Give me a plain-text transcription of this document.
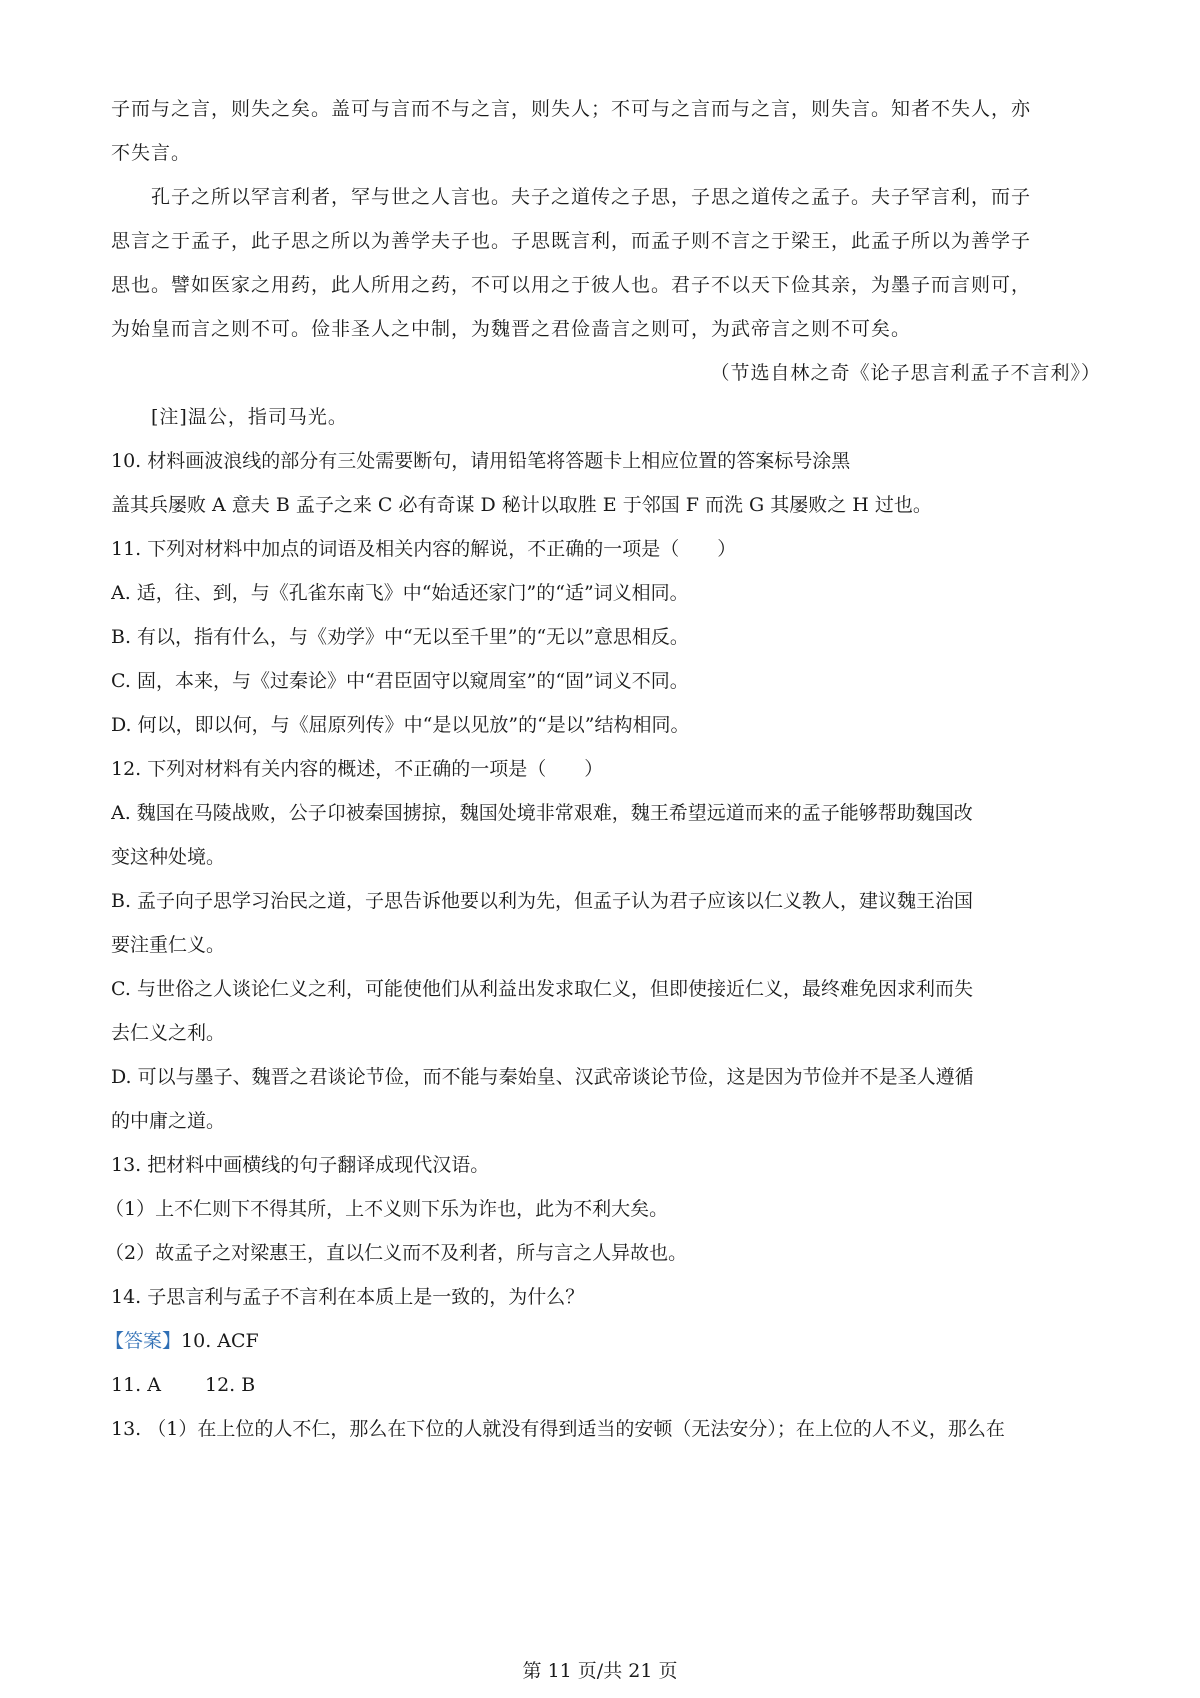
子而与之言，则失之矣。盖可与言而不与之言，则失人；不可与之言而与之言，则失言。知者不失人，亦
不失言。
孔子之所以罕言利者，罕与世之人言也。夫子之道传之子思，子思之道传之孟子。夫子罕言利，而子
思言之于孟子，此子思之所以为善学夫子也。子思既言利，而孟子则不言之于梁王，此孟子所以为善学子
思也。譬如医家之用药，此人所用之药，不可以用之于彼人也。君子不以天下俭其亲，为墨子而言则可，
为始皇而言之则不可。俭非圣人之中制，为魏晋之君俭啬言之则可，为武帝言之则不可矣。
（节选自林之奇《论子思言利孟子不言利》）
[注]温公，指司马光。
10. 材料画波浪线的部分有三处需要断句，请用铅笔将答题卡上相应位置的答案标号涂黑
盖其兵屡败 A 意夫 B 孟子之来 C 必有奇谋 D 秘计以取胜 E 于邻国 F 而洗 G 其屡败之 H 过也。
11. 下列对材料中加点的词语及相关内容的解说，不正确的一项是（　　）
A. 适，往、到，与《孔雀东南飞》中“始适还家门”的“适”词义相同。
B. 有以，指有什么，与《劝学》中“无以至千里”的“无以”意思相反。
C. 固，本来，与《过秦论》中“君臣固守以窥周室”的“固”词义不同。
D. 何以，即以何，与《屈原列传》中“是以见放”的“是以”结构相同。
12. 下列对材料有关内容的概述，不正确的一项是（　　）
A. 魏国在马陵战败，公子卬被秦国掳掠，魏国处境非常艰难，魏王希望远道而来的孟子能够帮助魏国改
变这种处境。
B. 孟子向子思学习治民之道，子思告诉他要以利为先，但孟子认为君子应该以仁义教人，建议魏王治国
要注重仁义。
C. 与世俗之人谈论仁义之利，可能使他们从利益出发求取仁义，但即使接近仁义，最终难免因求利而失
去仁义之利。
D. 可以与墨子、魏晋之君谈论节俭，而不能与秦始皇、汉武帝谈论节俭，这是因为节俭并不是圣人遵循
的中庸之道。
13. 把材料中画横线的句子翻译成现代汉语。
（1）上不仁则下不得其所，上不义则下乐为诈也，此为不利大矣。
（2）故孟子之对梁惠王，直以仁义而不及利者，所与言之人异故也。
14. 子思言利与孟子不言利在本质上是一致的，为什么？
【答案】10. ACF
11. A 12. B
13. （1）在上位的人不仁，那么在下位的人就没有得到适当的安顿（无法安分）；在上位的人不义，那么在
第 11 页/共 21 页
